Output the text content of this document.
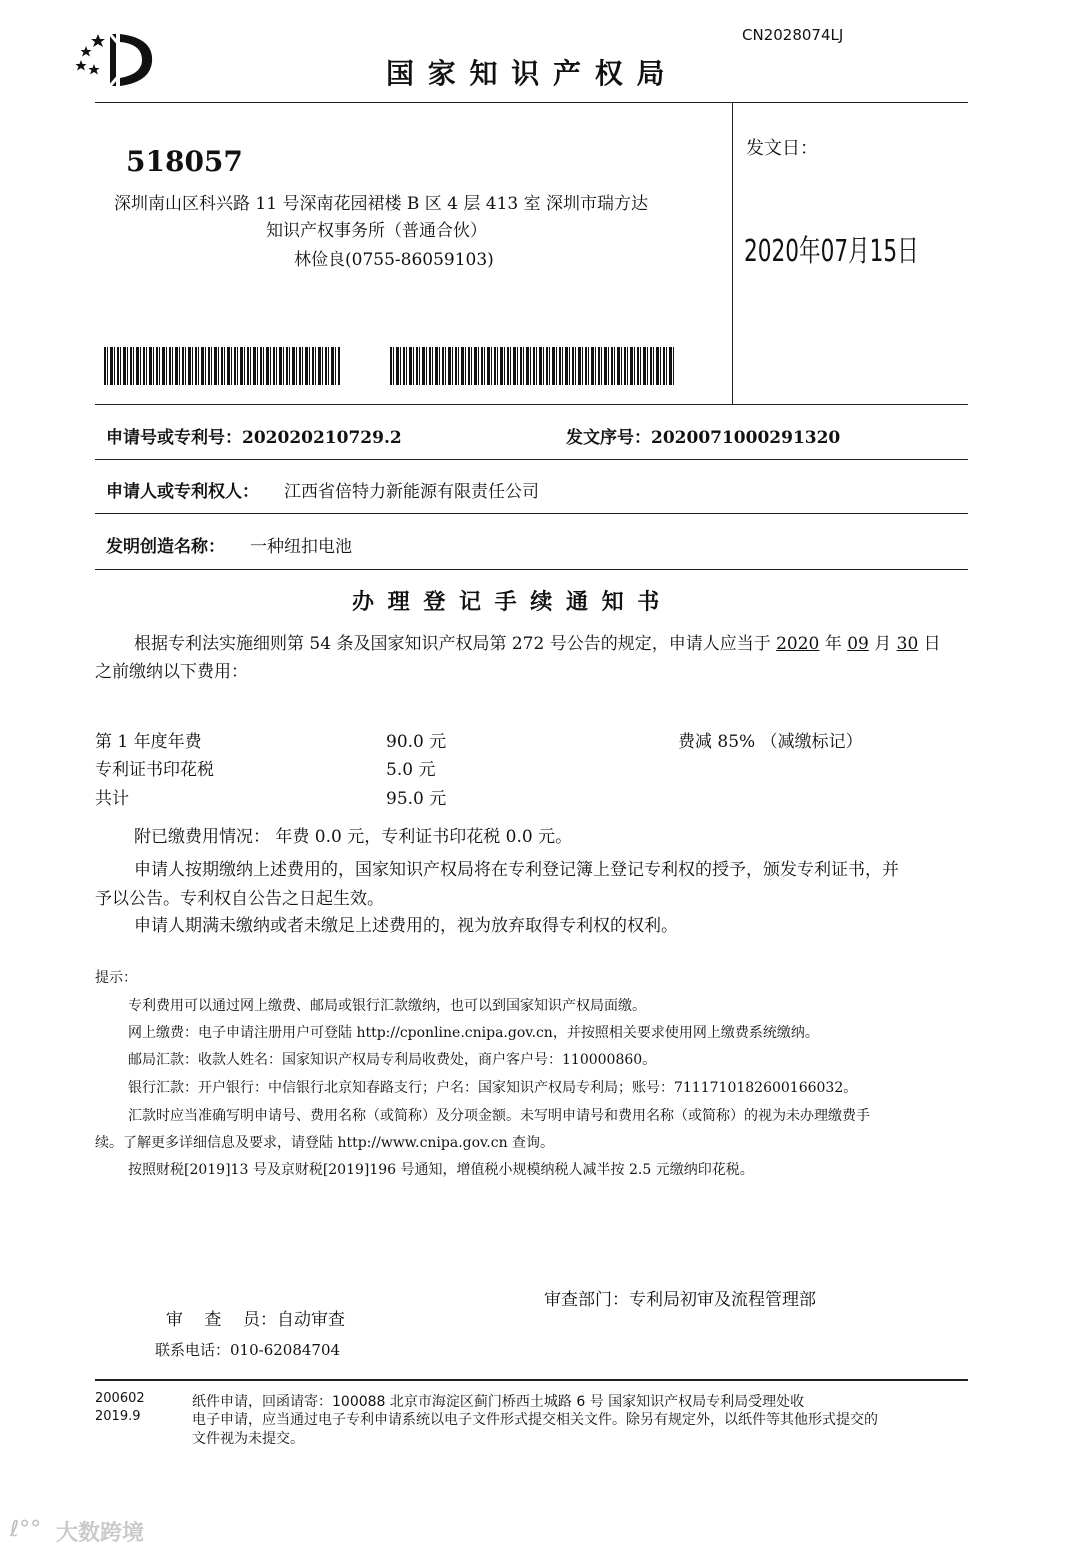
CN2028074LJ
国 家 知 识 产 权 局
518057
深圳南山区科兴路 11 号深南花园裙楼 B 区 4 层 413 室 深圳市瑞方达
知识产权事务所（普通合伙）
林俭良(0755-86059103)
发文日：
2020年07月15日
申请号或专利号：202020210729.2	发文序号：2020071000291320
申请人或专利权人： 江西省倍特力新能源有限责任公司
发明创造名称： 一种纽扣电池
办 理 登 记 手 续 通 知 书
根据专利法实施细则第 54 条及国家知识产权局第 272 号公告的规定，申请人应当于 2020 年 09 月 30 日
之前缴纳以下费用：
第 1 年度年费	90.0 元	费减 85% （减缴标记）
专利证书印花税	5.0 元
共计	95.0 元
附已缴费用情况： 年费 0.0 元，专利证书印花税 0.0 元。
申请人按期缴纳上述费用的，国家知识产权局将在专利登记簿上登记专利权的授予，颁发专利证书，并
予以公告。专利权自公告之日起生效。
申请人期满未缴纳或者未缴足上述费用的，视为放弃取得专利权的权利。
提示：
专利费用可以通过网上缴费、邮局或银行汇款缴纳，也可以到国家知识产权局面缴。
网上缴费：电子申请注册用户可登陆 http://cponline.cnipa.gov.cn，并按照相关要求使用网上缴费系统缴纳。
邮局汇款：收款人姓名：国家知识产权局专利局收费处，商户客户号：110000860。
银行汇款：开户银行：中信银行北京知春路支行；户名：国家知识产权局专利局；账号：7111710182600166032。
汇款时应当准确写明申请号、费用名称（或简称）及分项金额。未写明申请号和费用名称（或简称）的视为未办理缴费手
续。了解更多详细信息及要求，请登陆 http://www.cnipa.gov.cn 查询。
按照财税[2019]13 号及京财税[2019]196 号通知，增值税小规模纳税人减半按 2.5 元缴纳印花税。

审    查    员：自动审查

审查部门：专利局初审及流程管理部
联系电话：010-62084704
200602
2019.9
纸件申请，回函请寄：100088 北京市海淀区蓟门桥西土城路 6 号 国家知识产权局专利局受理处收
电子申请，应当通过电子专利申请系统以电子文件形式提交相关文件。除另有规定外，以纸件等其他形式提交的
文件视为未提交。
ℓ°° 大数跨境
